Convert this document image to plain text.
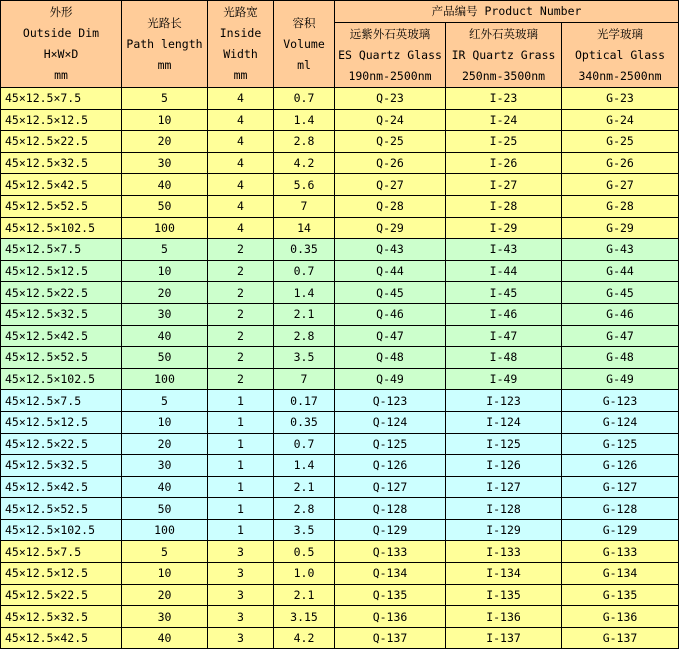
外形
Outside Dim
H×W×D
mm	光路长
Path length
mm	光路宽
Inside
Width
mm	容积
Volume
ml	产品编号 Product Number		

				远紫外石英玻璃
ES Quartz Glass
190nm-2500nm	红外石英玻璃
IR Quartz Grass
250nm-3500nm	光学玻璃
Optical Glass
340nm-2500nm

45×12.5×7.5	5	4	0.7	Q-23	I-23	G-23
45×12.5×12.5	10	4	1.4	Q-24	I-24	G-24
45×12.5×22.5	20	4	2.8	Q-25	I-25	G-25
45×12.5×32.5	30	4	4.2	Q-26	I-26	G-26
45×12.5×42.5	40	4	5.6	Q-27	I-27	G-27
45×12.5×52.5	50	4	7	Q-28	I-28	G-28
45×12.5×102.5	100	4	14	Q-29	I-29	G-29
45×12.5×7.5	5	2	0.35	Q-43	I-43	G-43
45×12.5×12.5	10	2	0.7	Q-44	I-44	G-44
45×12.5×22.5	20	2	1.4	Q-45	I-45	G-45
45×12.5×32.5	30	2	2.1	Q-46	I-46	G-46
45×12.5×42.5	40	2	2.8	Q-47	I-47	G-47
45×12.5×52.5	50	2	3.5	Q-48	I-48	G-48
45×12.5×102.5	100	2	7	Q-49	I-49	G-49
45×12.5×7.5	5	1	0.17	Q-123	I-123	G-123
45×12.5×12.5	10	1	0.35	Q-124	I-124	G-124
45×12.5×22.5	20	1	0.7	Q-125	I-125	G-125
45×12.5×32.5	30	1	1.4	Q-126	I-126	G-126
45×12.5×42.5	40	1	2.1	Q-127	I-127	G-127
45×12.5×52.5	50	1	2.8	Q-128	I-128	G-128
45×12.5×102.5	100	1	3.5	Q-129	I-129	G-129
45×12.5×7.5	5	3	0.5	Q-133	I-133	G-133
45×12.5×12.5	10	3	1.0	Q-134	I-134	G-134
45×12.5×22.5	20	3	2.1	Q-135	I-135	G-135
45×12.5×32.5	30	3	3.15	Q-136	I-136	G-136
45×12.5×42.5	40	3	4.2	Q-137	I-137	G-137
